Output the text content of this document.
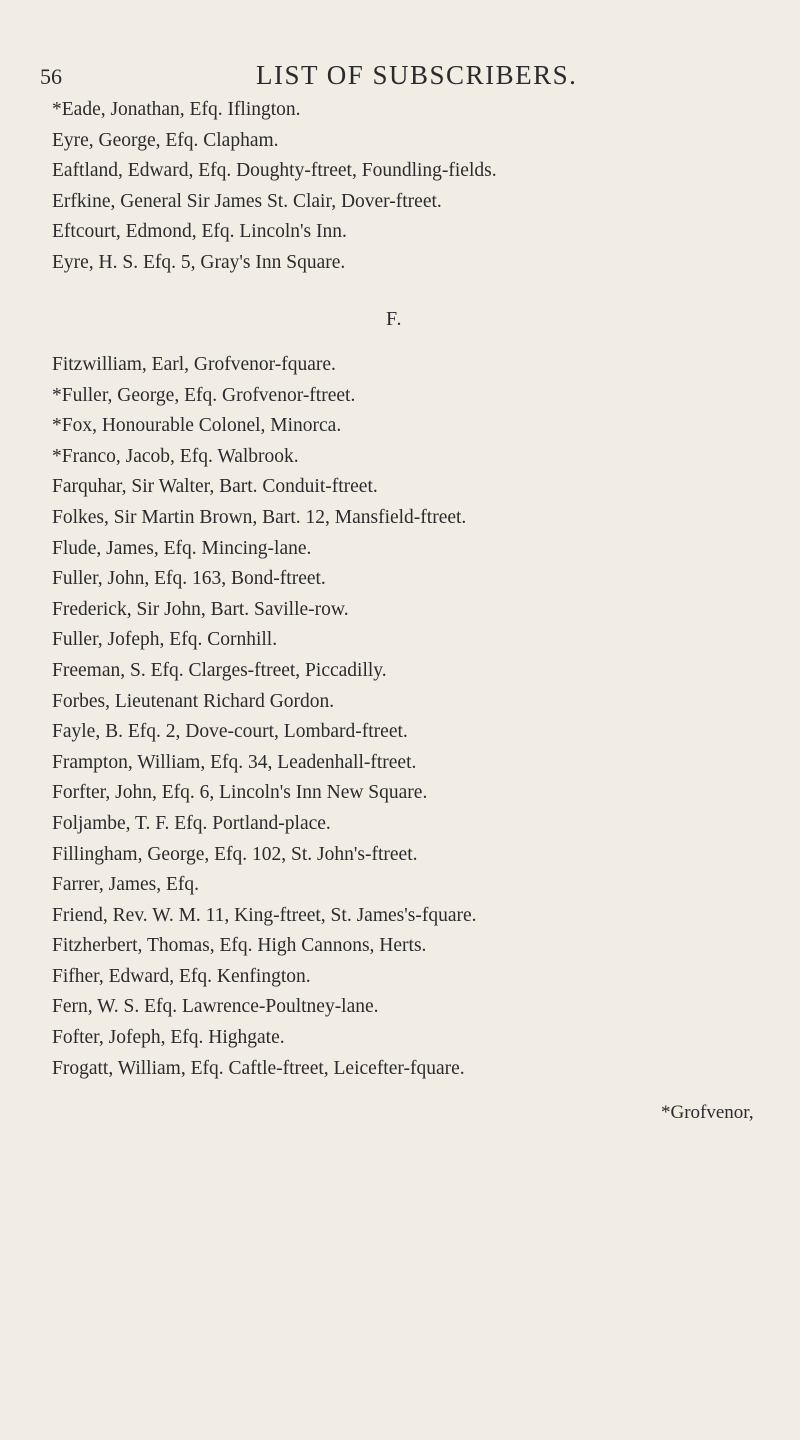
56	LIST OF SUBSCRIBERS.
*Eade, Jonathan, Efq. Iflington.
Eyre, George, Efq. Clapham.
Eaftland, Edward, Efq. Doughty-ftreet, Foundling-fields.
Erfkine, General Sir James St. Clair, Dover-ftreet.
Eftcourt, Edmond, Efq. Lincoln's Inn.
Eyre, H. S. Efq. 5, Gray's Inn Square.
F.
Fitzwilliam, Earl, Grofvenor-fquare.
*Fuller, George, Efq. Grofvenor-ftreet.
*Fox, Honourable Colonel, Minorca.
*Franco, Jacob, Efq. Walbrook.
Farquhar, Sir Walter, Bart. Conduit-ftreet.
Folkes, Sir Martin Brown, Bart. 12, Mansfield-ftreet.
Flude, James, Efq. Mincing-lane.
Fuller, John, Efq. 163, Bond-ftreet.
Frederick, Sir John, Bart. Saville-row.
Fuller, Jofeph, Efq. Cornhill.
Freeman, S. Efq. Clarges-ftreet, Piccadilly.
Forbes, Lieutenant Richard Gordon.
Fayle, B. Efq. 2, Dove-court, Lombard-ftreet.
Frampton, William, Efq. 34, Leadenhall-ftreet.
Forfter, John, Efq. 6, Lincoln's Inn New Square.
Foljambe, T. F. Efq. Portland-place.
Fillingham, George, Efq. 102, St. John's-ftreet.
Farrer, James, Efq.
Friend, Rev. W. M. 11, King-ftreet, St. James's-fquare.
Fitzherbert, Thomas, Efq. High Cannons, Herts.
Fifher, Edward, Efq. Kenfington.
Fern, W. S. Efq. Lawrence-Poultney-lane.
Fofter, Jofeph, Efq. Highgate.
Frogatt, William, Efq. Caftle-ftreet, Leicefter-fquare.
*Grofvenor,
